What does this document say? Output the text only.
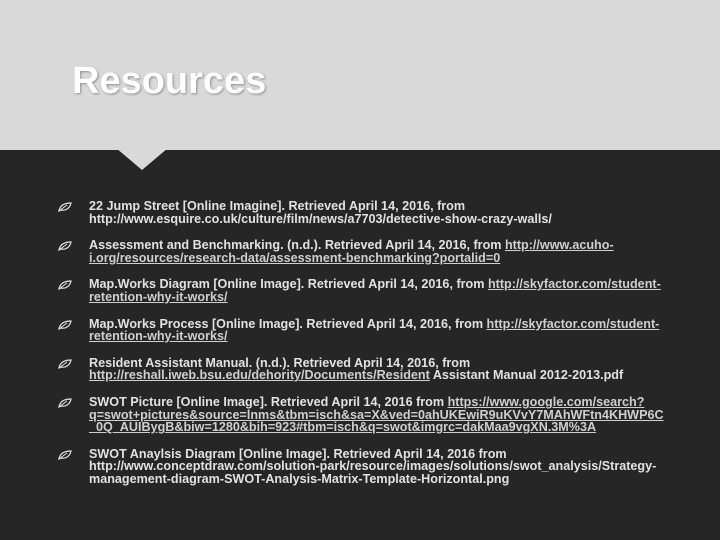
Resources
22 Jump Street [Online Imagine]. Retrieved April 14, 2016, from http://www.esquire.co.uk/culture/film/news/a7703/detective-show-crazy-walls/
Assessment and Benchmarking. (n.d.). Retrieved April 14, 2016, from http://www.acuho-i.org/resources/research-data/assessment-benchmarking?portalid=0
Map.Works Diagram [Online Image]. Retrieved April 14, 2016, from http://skyfactor.com/student-retention-why-it-works/
Map.Works Process [Online Image]. Retrieved April 14, 2016, from http://skyfactor.com/student-retention-why-it-works/
Resident Assistant Manual. (n.d.). Retrieved April 14, 2016, from http://reshall.iweb.bsu.edu/dehority/Documents/Resident Assistant Manual 2012-2013.pdf
SWOT Picture [Online Image]. Retrieved April 14, 2016 from https://www.google.com/search?q=swot+pictures&source=lnms&tbm=isch&sa=X&ved=0ahUKEwiR9uKVvY7MAhWFtn4KHWP6C_0Q_AUIBygB&biw=1280&bih=923#tbm=isch&q=swot&imgrc=dakMaa9vgXN.3M%3A
SWOT Anaylsis Diagram [Online Image]. Retrieved April 14, 2016 from http://www.conceptdraw.com/solution-park/resource/images/solutions/swot_analysis/Strategy-management-diagram-SWOT-Analysis-Matrix-Template-Horizontal.png
